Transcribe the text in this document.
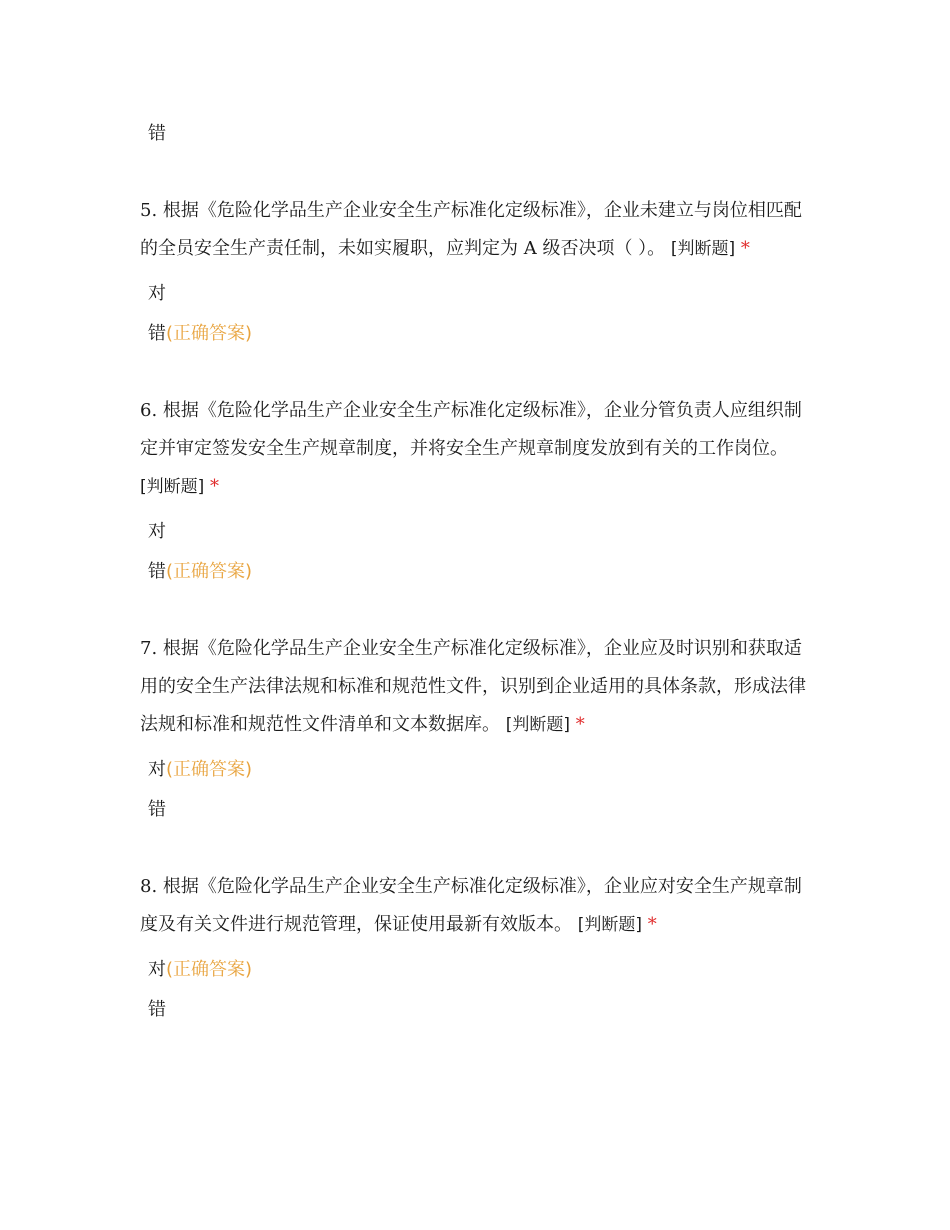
错
5. 根据《危险化学品生产企业安全生产标准化定级标准》，企业未建立与岗位相匹配的全员安全生产责任制，未如实履职，应判定为 A 级否决项（ ）。 [判断题] *
对
错(正确答案)
6. 根据《危险化学品生产企业安全生产标准化定级标准》，企业分管负责人应组织制定并审定签发安全生产规章制度，并将安全生产规章制度发放到有关的工作岗位。 [判断题] *
对
错(正确答案)
7. 根据《危险化学品生产企业安全生产标准化定级标准》，企业应及时识别和获取适用的安全生产法律法规和标准和规范性文件，识别到企业适用的具体条款，形成法律法规和标准和规范性文件清单和文本数据库。 [判断题] *
对(正确答案)
错
8. 根据《危险化学品生产企业安全生产标准化定级标准》，企业应对安全生产规章制度及有关文件进行规范管理，保证使用最新有效版本。 [判断题] *
对(正确答案)
错
